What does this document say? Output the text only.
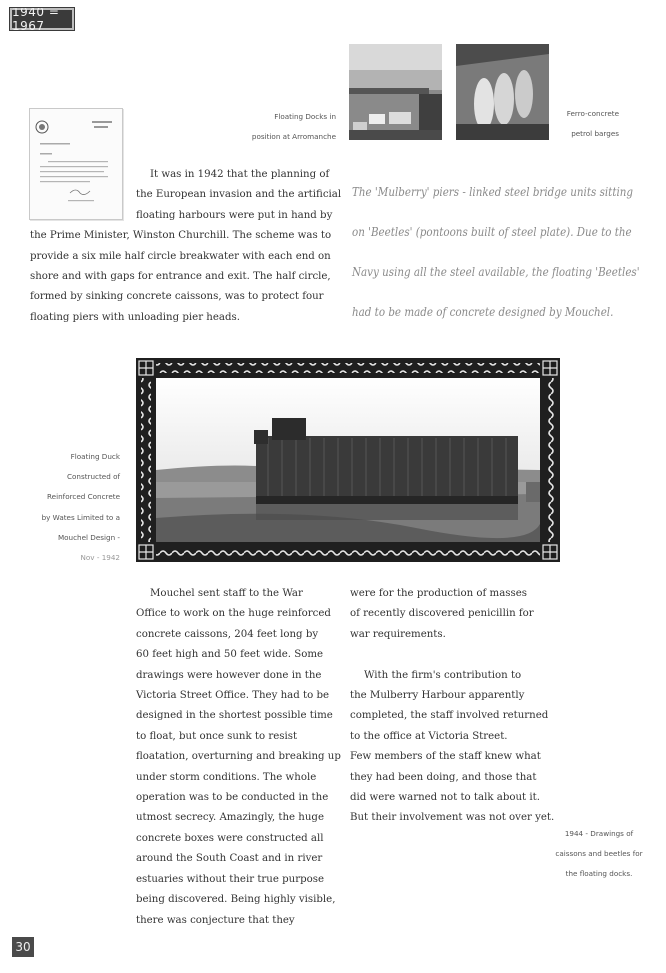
1940 = 1967
30
Floating Docks in
position at Arromanche
Ferro-concrete
petrol barges
It was in 1942 that the planning of
the European invasion and the artificial
floating harbours were put in hand by
the Prime Minister, Winston Churchill. The scheme was to
provide a six mile half circle breakwater with each end on
shore and with gaps for entrance and exit. The half circle,
formed by sinking concrete caissons, was to protect four
floating piers with unloading pier heads.
The 'Mulberry' piers - linked steel bridge units sitting
on 'Beetles' (pontoons built of steel plate). Due to the
Navy using all the steel available, the floating 'Beetles'
had to be made of concrete designed by Mouchel.
Floating Duck
Constructed of
Reinforced Concrete
by Wates Limited to a
Mouchel Design -
Nov - 1942
Mouchel sent staff to the War
Office to work on the huge reinforced
concrete caissons, 204 feet long by
60 feet high and 50 feet wide. Some
drawings were however done in the
Victoria Street Office. They had to be
designed in the shortest possible time
to float, but once sunk to resist
floatation, overturning and breaking up
under storm conditions. The whole
operation was to be conducted in the
utmost secrecy. Amazingly, the huge
concrete boxes were constructed all
around the South Coast and in river
estuaries without their true purpose
being discovered. Being highly visible,
there was conjecture that they
were for the production of masses
of recently discovered penicillin for
war requirements.
With the firm's contribution to
the Mulberry Harbour apparently
completed, the staff involved returned
to the office at Victoria Street.
Few members of the staff knew what
they had been doing, and those that
did were warned not to talk about it.
But their involvement was not over yet.
1944 - Drawings of
caissons and beetles for
the floating docks.
